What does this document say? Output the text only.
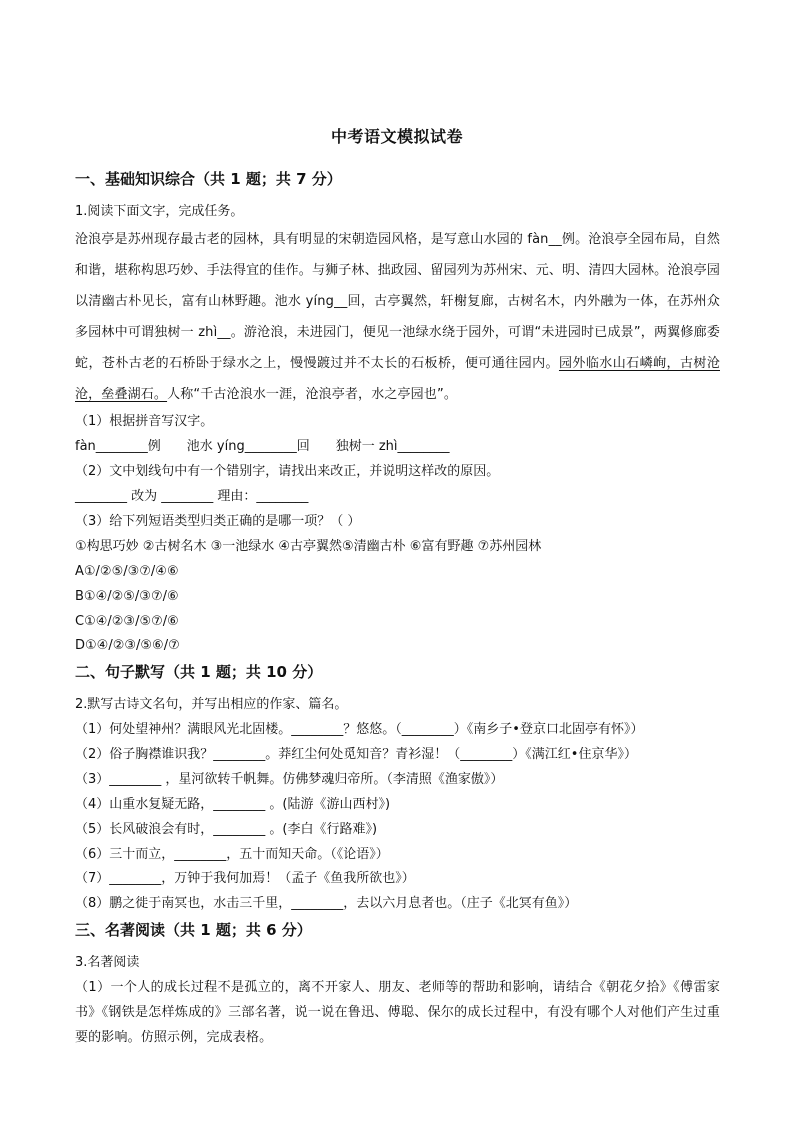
中考语文模拟试卷
一、基础知识综合（共 1 题；共 7 分）
1.阅读下面文字，完成任务。
沧浪亭是苏州现存最古老的园林，具有明显的宋朝造园风格，是写意山水园的 fàn__例。沧浪亭全园布局，自然和谐，堪称构思巧妙、手法得宜的佳作。与狮子林、拙政园、留园列为苏州宋、元、明、清四大园林。沧浪亭园以清幽古朴见长，富有山林野趣。池水 yíng__回，古亭翼然，轩榭复廊，古树名木，内外融为一体，在苏州众多园林中可谓独树一 zhì__。游沧浪，未进园门，便见一池绿水绕于园外，可谓“未进园时已成景”，两翼修廊委蛇，苍朴古老的石桥卧于绿水之上，慢慢踱过并不太长的石板桥，便可通往园内。园外临水山石嶙峋，古树沧沧，垒叠湖石。人称“千古沧浪水一涯，沧浪亭者，水之亭园也”。
（1）根据拼音写汉字。
fàn________例　　池水 yíng________回　　独树一 zhì________
（2）文中划线句中有一个错别字，请找出来改正，并说明这样改的原因。
________ 改为 ________ 理由：________
（3）给下列短语类型归类正确的是哪一项？（ ）
①构思巧妙 ②古树名木 ③一池绿水 ④古亭翼然⑤清幽古朴 ⑥富有野趣 ⑦苏州园林
A①/②⑤/③⑦/④⑥
B①④/②⑤/③⑦/⑥
C①④/②③/⑤⑦/⑥
D①④/②③/⑤⑥/⑦
二、句子默写（共 1 题；共 10 分）
2.默写古诗文名句，并写出相应的作家、篇名。
（1）何处望神州？满眼风光北固楼。________？悠悠。（________）《南乡子•登京口北固亭有怀》）
（2）俗子胸襟谁识我？________。莽红尘何处觅知音？青衫湿！（________）《满江红•住京华》）
（3）________ ，星河欲转千帆舞。仿佛梦魂归帝所。（李清照《渔家傲》）
（4）山重水复疑无路，________ 。(陆游《游山西村》)
（5）长风破浪会有时，________ 。(李白《行路难》)
（6）三十而立，________，五十而知天命。（《论语》）
（7）________，万钟于我何加焉！（孟子《鱼我所欲也》）
（8）鹏之徙于南冥也，水击三千里，________，去以六月息者也。（庄子《北冥有鱼》）
三、名著阅读（共 1 题；共 6 分）
3.名著阅读
（1）一个人的成长过程不是孤立的，离不开家人、朋友、老师等的帮助和影响，请结合《朝花夕拾》《傅雷家书》《钢铁是怎样炼成的》三部名著，说一说在鲁迅、傅聪、保尔的成长过程中，有没有哪个人对他们产生过重要的影响。仿照示例，完成表格。
